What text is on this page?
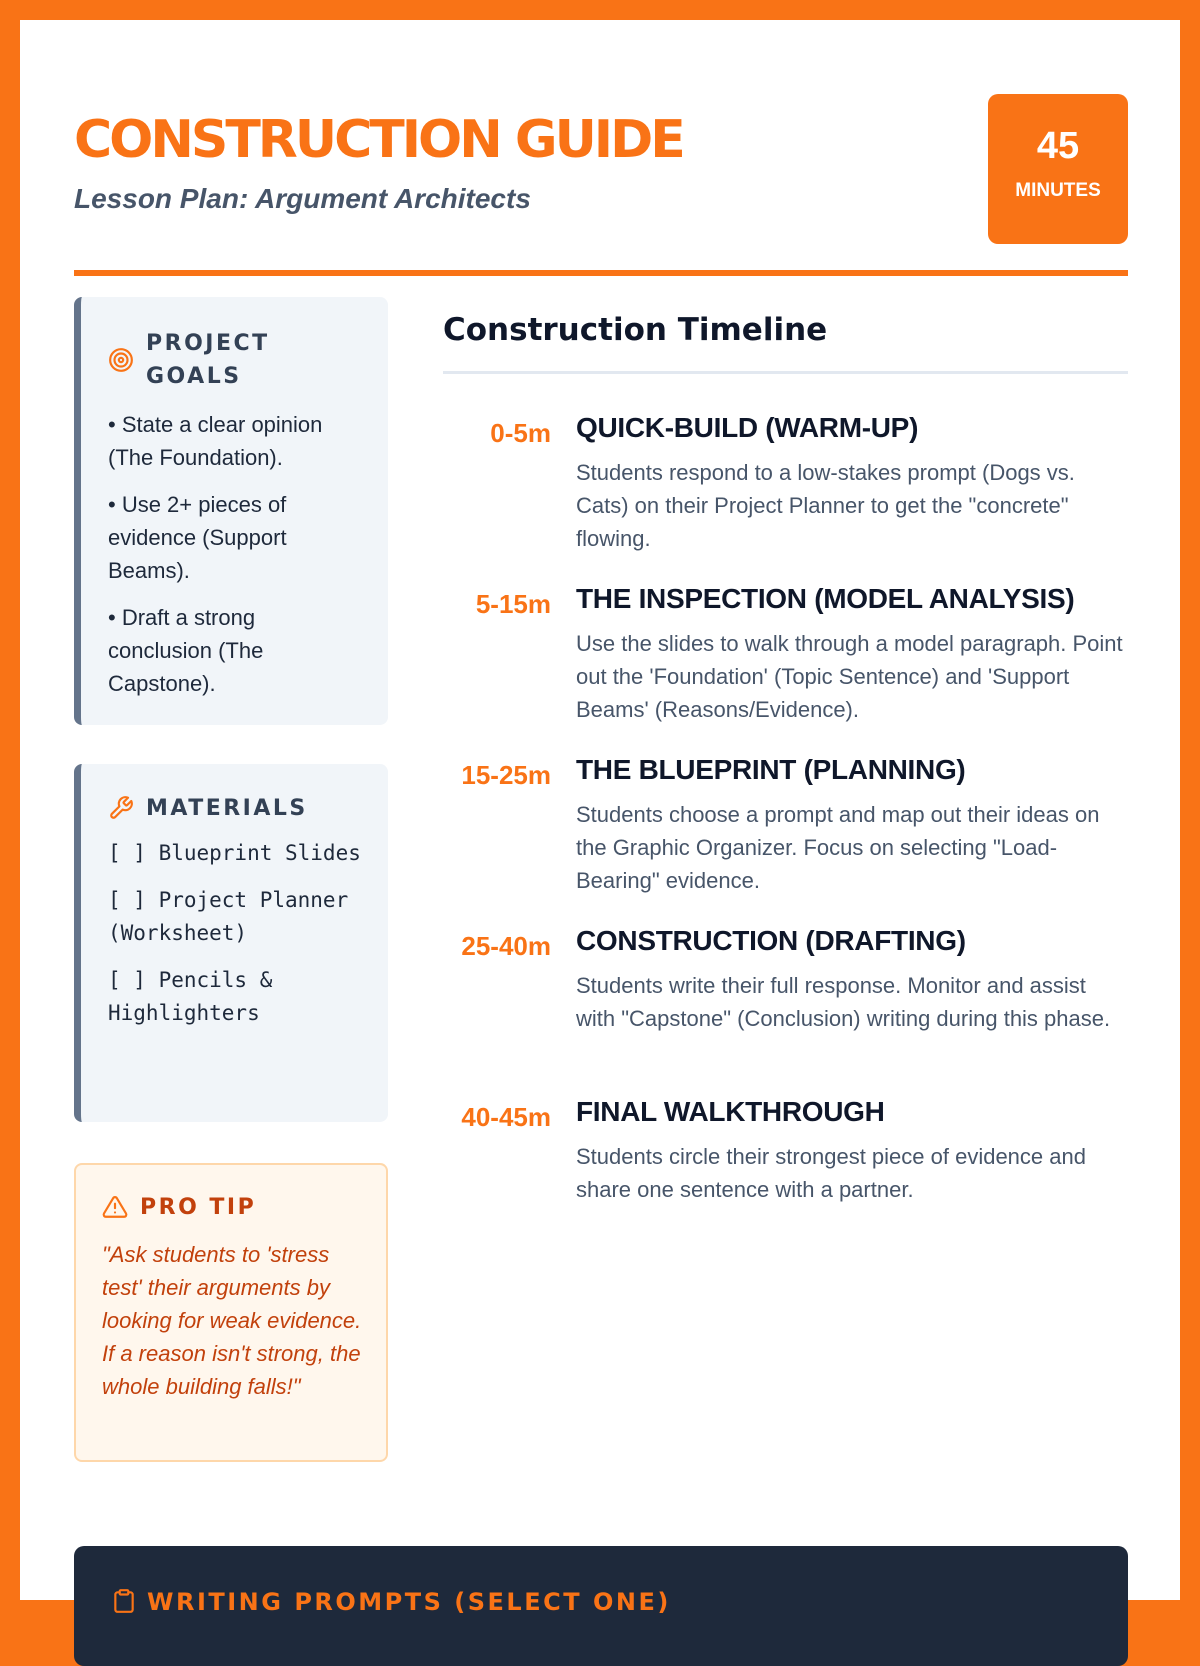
CONSTRUCTION GUIDE
Lesson Plan: Argument Architects
45
MINUTES
PROJECT GOALS
• State a clear opinion (The Foundation).
• Use 2+ pieces of evidence (Support Beams).
• Draft a strong conclusion (The Capstone).
MATERIALS
[ ] Blueprint Slides
[ ] Project Planner (Worksheet)
[ ] Pencils & Highlighters
PRO TIP
"Ask students to 'stress test' their arguments by looking for weak evidence. If a reason isn't strong, the whole building falls!"
Construction Timeline
0-5m QUICK-BUILD (WARM-UP)
Students respond to a low-stakes prompt (Dogs vs. Cats) on their Project Planner to get the "concrete" flowing.
5-15m THE INSPECTION (MODEL ANALYSIS)
Use the slides to walk through a model paragraph. Point out the 'Foundation' (Topic Sentence) and 'Support Beams' (Reasons/Evidence).
15-25m THE BLUEPRINT (PLANNING)
Students choose a prompt and map out their ideas on the Graphic Organizer. Focus on selecting "Load-Bearing" evidence.
25-40m CONSTRUCTION (DRAFTING)
Students write their full response. Monitor and assist with "Capstone" (Conclusion) writing during this phase.
40-45m FINAL WALKTHROUGH
Students circle their strongest piece of evidence and share one sentence with a partner.
WRITING PROMPTS (SELECT ONE)
